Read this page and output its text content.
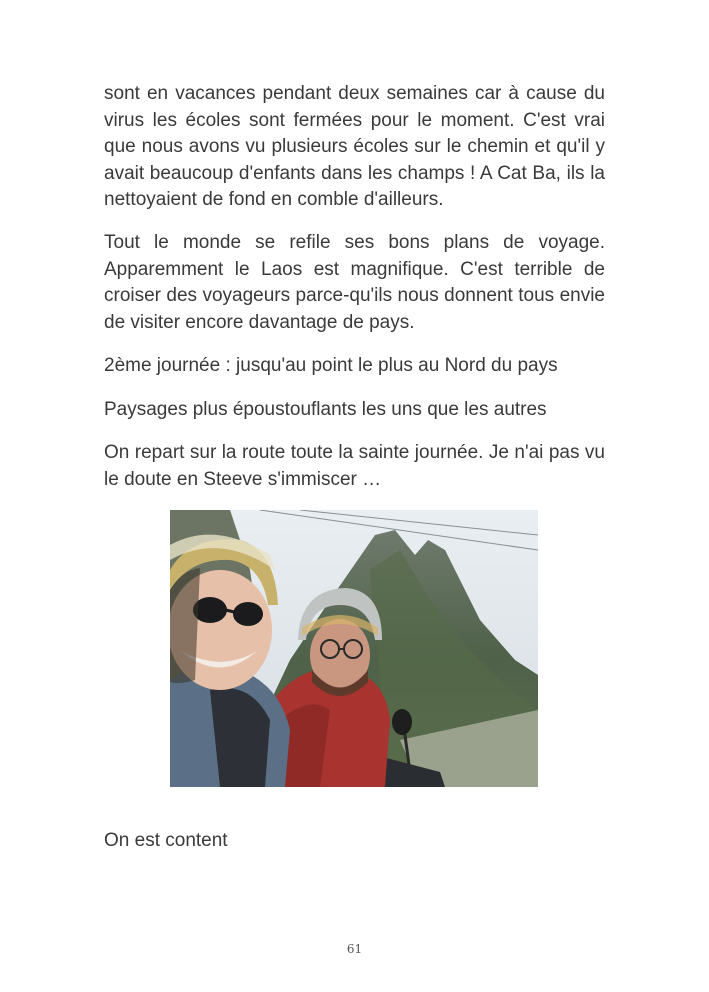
sont en vacances pendant deux semaines car à cause du virus les écoles sont fermées pour le moment. C'est vrai que nous avons vu plusieurs écoles sur le chemin et qu'il y avait beaucoup d'enfants dans les champs ! A Cat Ba, ils la nettoyaient de fond en comble d'ailleurs.

Tout le monde se refile ses bons plans de voyage. Apparemment le Laos est magnifique. C'est terrible de croiser des voyageurs parce-qu'ils nous donnent tous envie de visiter encore davantage de pays.

2ème journée : jusqu'au point le plus au Nord du pays

Paysages plus époustouflants les uns que les autres

On repart sur la route toute la sainte journée. Je n'ai pas vu le doute en Steeve s'immiscer …

On est content

61
